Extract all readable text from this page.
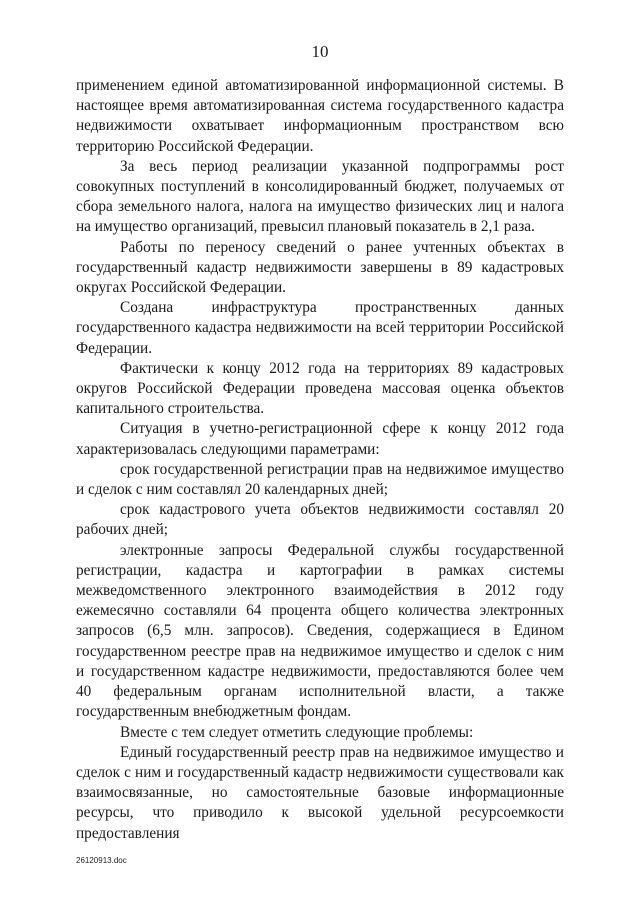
10

применением единой автоматизированной информационной системы. В настоящее время автоматизированная система государственного кадастра недвижимости охватывает информационным пространством всю территорию Российской Федерации.

За весь период реализации указанной подпрограммы рост совокупных поступлений в консолидированный бюджет, получаемых от сбора земельного налога, налога на имущество физических лиц и налога на имущество организаций, превысил плановый показатель в 2,1 раза.

Работы по переносу сведений о ранее учтенных объектах в государственный кадастр недвижимости завершены в 89 кадастровых округах Российской Федерации.

Создана инфраструктура пространственных данных государственного кадастра недвижимости на всей территории Российской Федерации.

Фактически к концу 2012 года на территориях 89 кадастровых округов Российской Федерации проведена массовая оценка объектов капитального строительства.

Ситуация в учетно-регистрационной сфере к концу 2012 года характеризовалась следующими параметрами:

срок государственной регистрации прав на недвижимое имущество и сделок с ним составлял 20 календарных дней;

срок кадастрового учета объектов недвижимости составлял 20 рабочих дней;

электронные запросы Федеральной службы государственной регистрации, кадастра и картографии в рамках системы межведомственного электронного взаимодействия в 2012 году ежемесячно составляли 64 процента общего количества электронных запросов (6,5 млн. запросов). Сведения, содержащиеся в Едином государственном реестре прав на недвижимое имущество и сделок с ним и государственном кадастре недвижимости, предоставляются более чем 40 федеральным органам исполнительной власти, а также государственным внебюджетным фондам.

Вместе с тем следует отметить следующие проблемы:

Единый государственный реестр прав на недвижимое имущество и сделок с ним и государственный кадастр недвижимости существовали как взаимосвязанные, но самостоятельные базовые информационные ресурсы, что приводило к высокой удельной ресурсоемкости предоставления

26120913.doc
